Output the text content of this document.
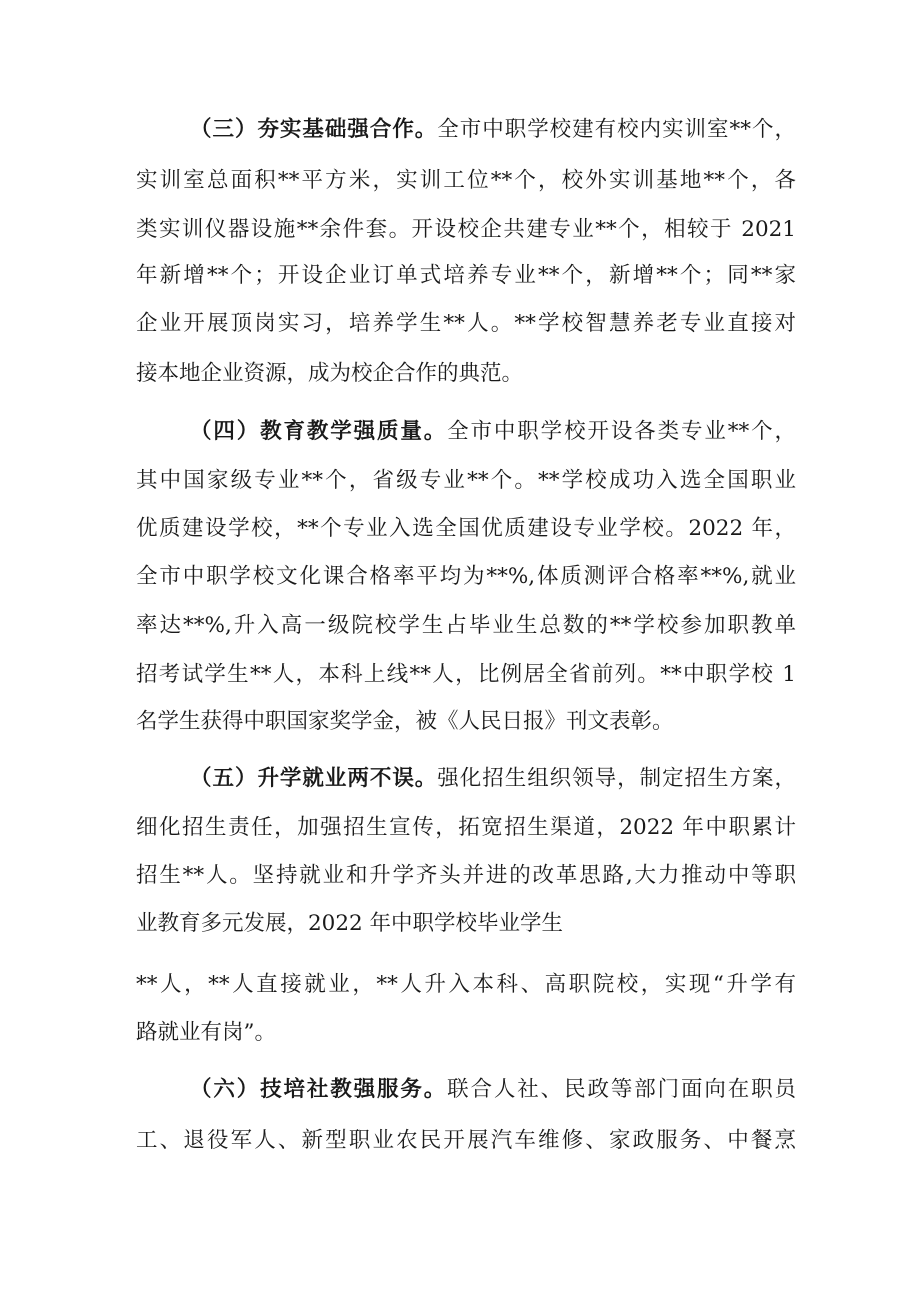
（三）夯实基础强合作。全市中职学校建有校内实训室**个，
实训室总面积**平方米，实训工位**个，校外实训基地**个，各
类实训仪器设施**余件套。开设校企共建专业**个，相较于 2021
年新增**个；开设企业订单式培养专业**个，新增**个；同**家
企业开展顶岗实习，培养学生**人。**学校智慧养老专业直接对
接本地企业资源，成为校企合作的典范。
（四）教育教学强质量。全市中职学校开设各类专业**个，
其中国家级专业**个，省级专业**个。**学校成功入选全国职业
优质建设学校，**个专业入选全国优质建设专业学校。2022 年，
全市中职学校文化课合格率平均为**%,体质测评合格率**%,就业
率达**%,升入高一级院校学生占毕业生总数的**学校参加职教单
招考试学生**人，本科上线**人，比例居全省前列。**中职学校 1
名学生获得中职国家奖学金，被《人民日报》刊文表彰。
（五）升学就业两不误。强化招生组织领导，制定招生方案，
细化招生责任，加强招生宣传，拓宽招生渠道，2022 年中职累计
招生**人。坚持就业和升学齐头并进的改革思路,大力推动中等职
业教育多元发展，2022 年中职学校毕业学生
**人，**人直接就业，**人升入本科、高职院校，实现“升学有
路就业有岗”。
（六）技培社教强服务。联合人社、民政等部门面向在职员
工、退役军人、新型职业农民开展汽车维修、家政服务、中餐烹
